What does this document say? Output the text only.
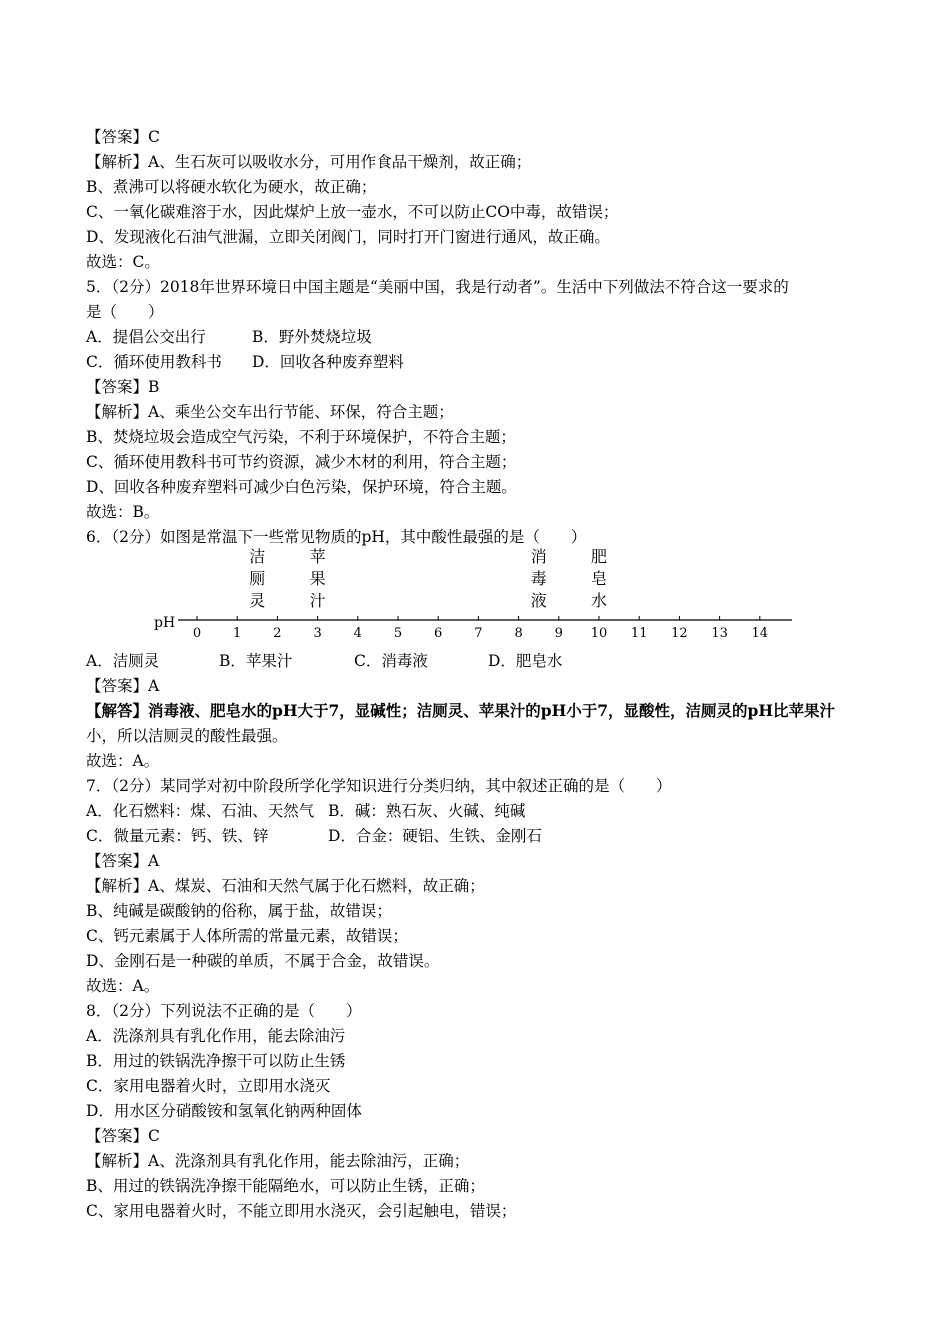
【答案】C
【解析】A、生石灰可以吸收水分，可用作食品干燥剂，故正确；
B、煮沸可以将硬水软化为硬水，故正确；
C、一氧化碳难溶于水，因此煤炉上放一壶水，不可以防止CO中毒，故错误；
D、发现液化石油气泄漏，立即关闭阀门，同时打开门窗进行通风，故正确。
故选：C。
5．（2分）2018年世界环境日中国主题是“美丽中国，我是行动者”。生活中下列做法不符合这一要求的
是（　　）
A．提倡公交出行	B．野外焚烧垃圾
C．循环使用教科书 D．回收各种废弃塑料
【答案】B
【解析】A、乘坐公交车出行节能、环保，符合主题；
B、焚烧垃圾会造成空气污染，不利于环境保护，不符合主题；
C、循环使用教科书可节约资源，减少木材的利用，符合主题；
D、回收各种废弃塑料可减少白色污染，保护环境，符合主题。
故选：B。
6．（2分）如图是常温下一些常见物质的pH，其中酸性最强的是（　　）
洁
厕
灵
苹
果
汁
消
毒
液
肥
皂
水
pH
0 1 2 3 4 5 6 7 8 9 10 11 12 13 14
A．洁厕灵	B．苹果汁	C．消毒液	D．肥皂水
【答案】A
【解答】消毒液、肥皂水的pH大于7，显碱性；洁厕灵、苹果汁的pH小于7，显酸性，洁厕灵的pH比苹果汁
小，所以洁厕灵的酸性最强。
故选：A。
7．（2分）某同学对初中阶段所学化学知识进行分类归纳，其中叙述正确的是（　　）
A．化石燃料：煤、石油、天然气 B．碱：熟石灰、火碱、纯碱
C．微量元素：钙、铁、锌	D．合金：硬铝、生铁、金刚石
【答案】A
【解析】A、煤炭、石油和天然气属于化石燃料，故正确；
B、纯碱是碳酸钠的俗称，属于盐，故错误；
C、钙元素属于人体所需的常量元素，故错误；
D、金刚石是一种碳的单质，不属于合金，故错误。
故选：A。
8．（2分）下列说法不正确的是（　　）
A．洗涤剂具有乳化作用，能去除油污
B．用过的铁锅洗净擦干可以防止生锈
C．家用电器着火时，立即用水浇灭
D．用水区分硝酸铵和氢氧化钠两种固体
【答案】C
【解析】A、洗涤剂具有乳化作用，能去除油污，正确；
B、用过的铁锅洗净擦干能隔绝水，可以防止生锈，正确；
C、家用电器着火时，不能立即用水浇灭，会引起触电，错误；
